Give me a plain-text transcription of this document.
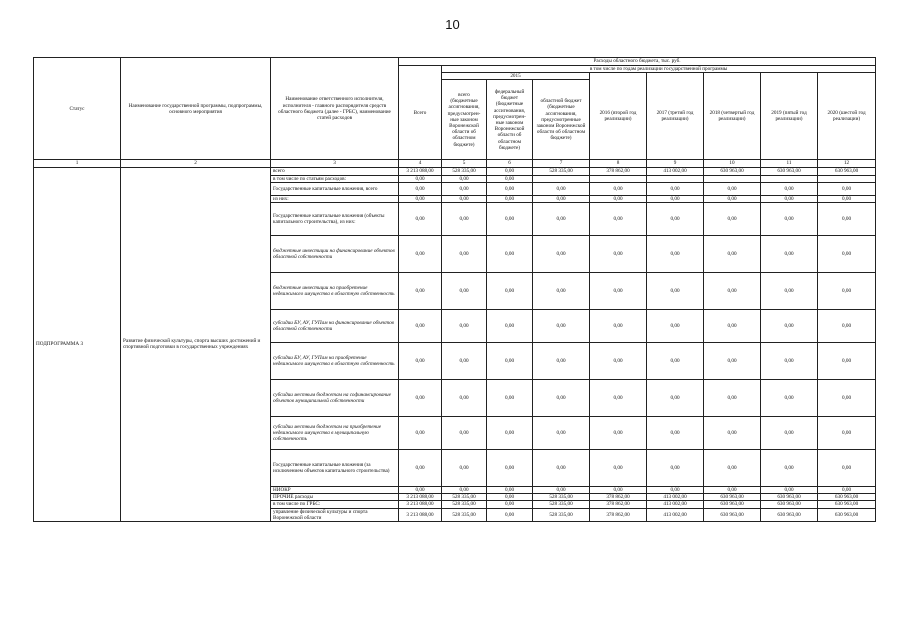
10
Статус	Наименование государственной программы, подпрограммы, основного мероприятия	Наименование ответственного исполнителя, исполнителя - главного распорядителя средств областного бюджета (далее - ГРБС), наименование статей расходов	Расходы областного бюджета, тыс. руб.								
			Всего	в том числе по годам реализации государственной программы							
				2015			2016 (второй год реализации)	2017 (третий год реализации)	2018 (четвертый год реализации)	2019 (пятый год реализации)	2020 (шестой год реализации)
				всего (бюджетные ассигнования, предусмотрен-ные законом Воронежской области об областном бюджете)	федеральный бюджет (бюджетные ассигнования, предусмотрен-ные законом Воронежской области об областном бюджете)	областной бюджет (бюджетные ассигнования, предусмотренные законом Воронежской области об областном бюджете)					
1	2	3	4	5	6	7	8	9	10	11	12
ПОДПРОГРАММА 3	Развитие физической культуры, спорта высших достижений и спортивной подготовки в государственных учреждениях	всего	3 213 088,00	528 335,00	0,00	528 335,00	378 862,00	413 002,00	630 963,00	630 963,00	630 963,00
		в том числе по статьям расходов:	0,00	0,00	0,00						
		Государственные капитальные вложения, всего	0,00	0,00	0,00	0,00	0,00	0,00	0,00	0,00	0,00
		из них:	0,00	0,00	0,00	0,00	0,00	0,00	0,00	0,00	0,00
		Государственные капитальные вложения (объекты капитального строительства), из них:	0,00	0,00	0,00	0,00	0,00	0,00	0,00	0,00	0,00
		бюджетные инвестиции на финансирование объектов областной собственности	0,00	0,00	0,00	0,00	0,00	0,00	0,00	0,00	0,00
		бюджетные инвестиции на приобретение недвижимого имущества в областную собственность	0,00	0,00	0,00	0,00	0,00	0,00	0,00	0,00	0,00
		субсидии БУ, АУ, ГУПам на финансирование объектов областной собственности	0,00	0,00	0,00	0,00	0,00	0,00	0,00	0,00	0,00
		субсидии БУ, АУ, ГУПам на приобретение недвижимого имущества в областную собственность	0,00	0,00	0,00	0,00	0,00	0,00	0,00	0,00	0,00
		субсидии местным бюджетам на софинансирование объектов муниципальной собственности	0,00	0,00	0,00	0,00	0,00	0,00	0,00	0,00	0,00
		субсидии местным бюджетам на приобретение недвижимого имущества в муниципальную собственность	0,00	0,00	0,00	0,00	0,00	0,00	0,00	0,00	0,00
		Государственные капитальные вложения (за исключением объектов капитального строительства)	0,00	0,00	0,00	0,00	0,00	0,00	0,00	0,00	0,00
		НИОКР	0,00	0,00	0,00	0,00	0,00	0,00	0,00	0,00	0,00
		ПРОЧИЕ расходы	3 213 088,00	528 335,00	0,00	528 335,00	378 862,00	413 002,00	630 963,00	630 963,00	630 963,00
		в том числе по ГРБС:	3 213 088,00	528 335,00	0,00	528 335,00	378 862,00	413 002,00	630 963,00	630 963,00	630 963,00
		управление физической культуры и спорта Воронежской области	3 213 088,00	528 335,00	0,00	528 335,00	378 862,00	413 002,00	630 963,00	630 963,00	630 963,00
